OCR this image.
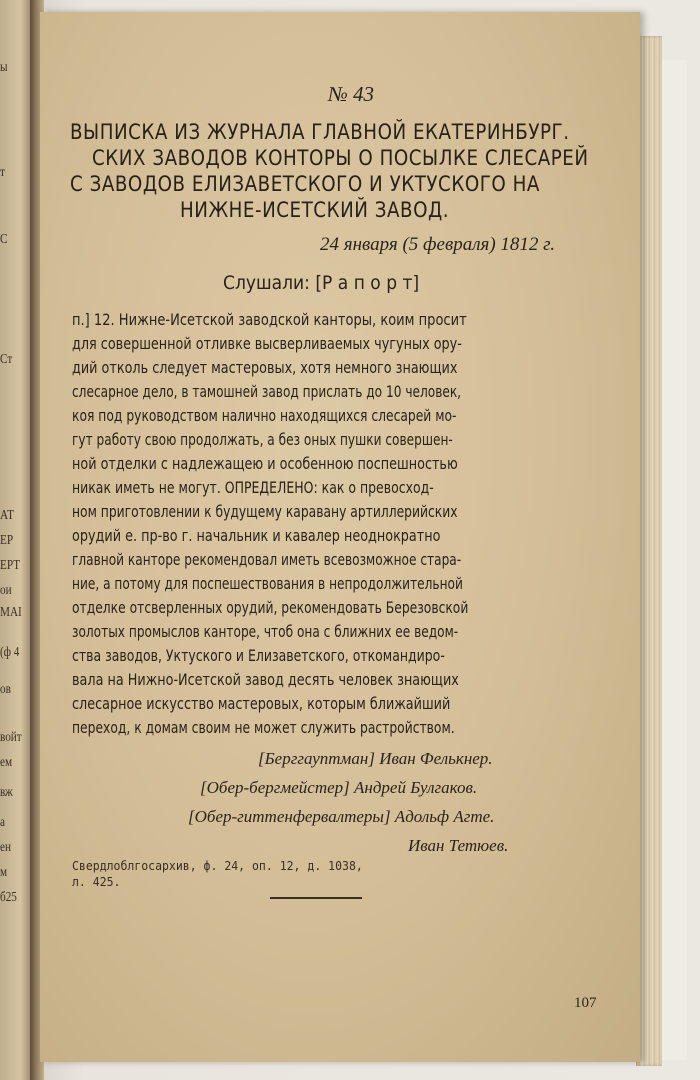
ы
т
C
Ст
АТ
ЕР
ЕРТ
ои
МАІ
(ф 4
ов
войт
ем
вж
а
ен
м
б25
№ 43
ВЫПИСКА ИЗ ЖУРНАЛА ГЛАВНОЙ ЕКАТЕРИНБУРГ.
СКИХ ЗАВОДОВ КОНТОРЫ О ПОСЫЛКЕ СЛЕСАРЕЙ
С ЗАВОДОВ ЕЛИЗАВЕТСКОГО И УКТУСКОГО НА
НИЖНЕ-ИСЕТСКИЙ ЗАВОД.
24 января (5 февраля) 1812 г.
Слушали: [Р а п о р т]
п.] 12. Нижне-Исетской заводской канторы, коим просит
для совершенной отливке высверливаемых чугуных ору-
дий отколь следует мастеровых, хотя немного знающих
слесарное дело, в тамошней завод прислать до 10 человек,
коя под руководством налично находящихся слесарей мо-
гут работу свою продолжать, а без оных пушки совершен-
ной отделки с надлежащею и особенною поспешностью
никак иметь не могут. ОПРЕДЕЛЕНО: как о превосход-
ном приготовлении к будущему каравану артиллерийских
орудий е. пр-во г. начальник и кавалер неоднократно
главной канторе рекомендовал иметь всевозможное стара-
ние, а потому для поспешествования в непродолжительной
отделке отсверленных орудий, рекомендовать Березовской
золотых промыслов канторе, чтоб она с ближних ее ведом-
ства заводов, Уктуского и Елизаветского, откомандиро-
вала на Нижно-Исетской завод десять человек знающих
слесарное искусство мастеровых, которым ближайший
переход, к домам своим не может служить растройством.
[Берггауптман] Иван Фелькнер.
[Обер-бергмейстер] Андрей Булгаков.
[Обер-гиттенфервалтеры] Адольф Агте.
Иван Тетюев.
Свердлоблгосархив, ф. 24, оп. 12, д. 1038,
л. 425.
107
